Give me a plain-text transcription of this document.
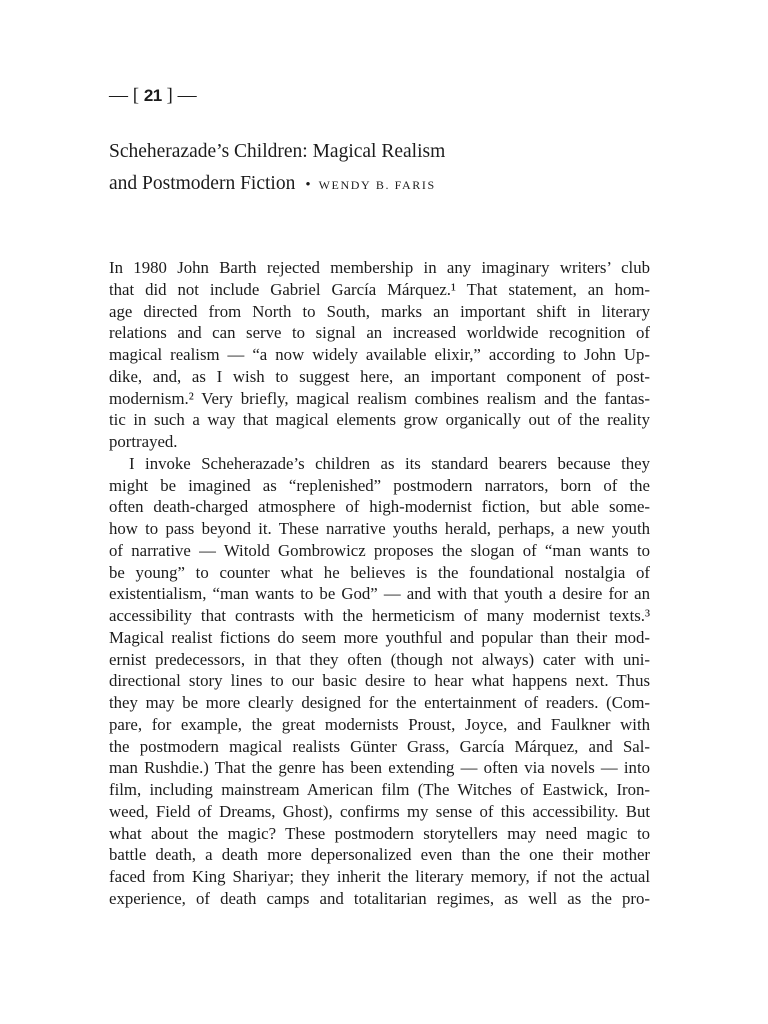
— [ 21 ] —
Scheherazade’s Children: Magical Realism
and Postmodern Fiction • wendy b. faris
In 1980 John Barth rejected membership in any imaginary writers’ club
that did not include Gabriel García Márquez.¹ That statement, an hom-
age directed from North to South, marks an important shift in literary
relations and can serve to signal an increased worldwide recognition of
magical realism — “a now widely available elixir,” according to John Up-
dike, and, as I wish to suggest here, an important component of post-
modernism.² Very briefly, magical realism combines realism and the fantas-
tic in such a way that magical elements grow organically out of the reality
portrayed.
I invoke Scheherazade’s children as its standard bearers because they
might be imagined as “replenished” postmodern narrators, born of the
often death-charged atmosphere of high-modernist fiction, but able some-
how to pass beyond it. These narrative youths herald, perhaps, a new youth
of narrative — Witold Gombrowicz proposes the slogan of “man wants to
be young” to counter what he believes is the foundational nostalgia of
existentialism, “man wants to be God” — and with that youth a desire for an
accessibility that contrasts with the hermeticism of many modernist texts.³
Magical realist fictions do seem more youthful and popular than their mod-
ernist predecessors, in that they often (though not always) cater with uni-
directional story lines to our basic desire to hear what happens next. Thus
they may be more clearly designed for the entertainment of readers. (Com-
pare, for example, the great modernists Proust, Joyce, and Faulkner with
the postmodern magical realists Günter Grass, García Márquez, and Sal-
man Rushdie.) That the genre has been extending — often via novels — into
film, including mainstream American film (The Witches of Eastwick, Iron-
weed, Field of Dreams, Ghost), confirms my sense of this accessibility. But
what about the magic? These postmodern storytellers may need magic to
battle death, a death more depersonalized even than the one their mother
faced from King Shariyar; they inherit the literary memory, if not the actual
experience, of death camps and totalitarian regimes, as well as the pro-
